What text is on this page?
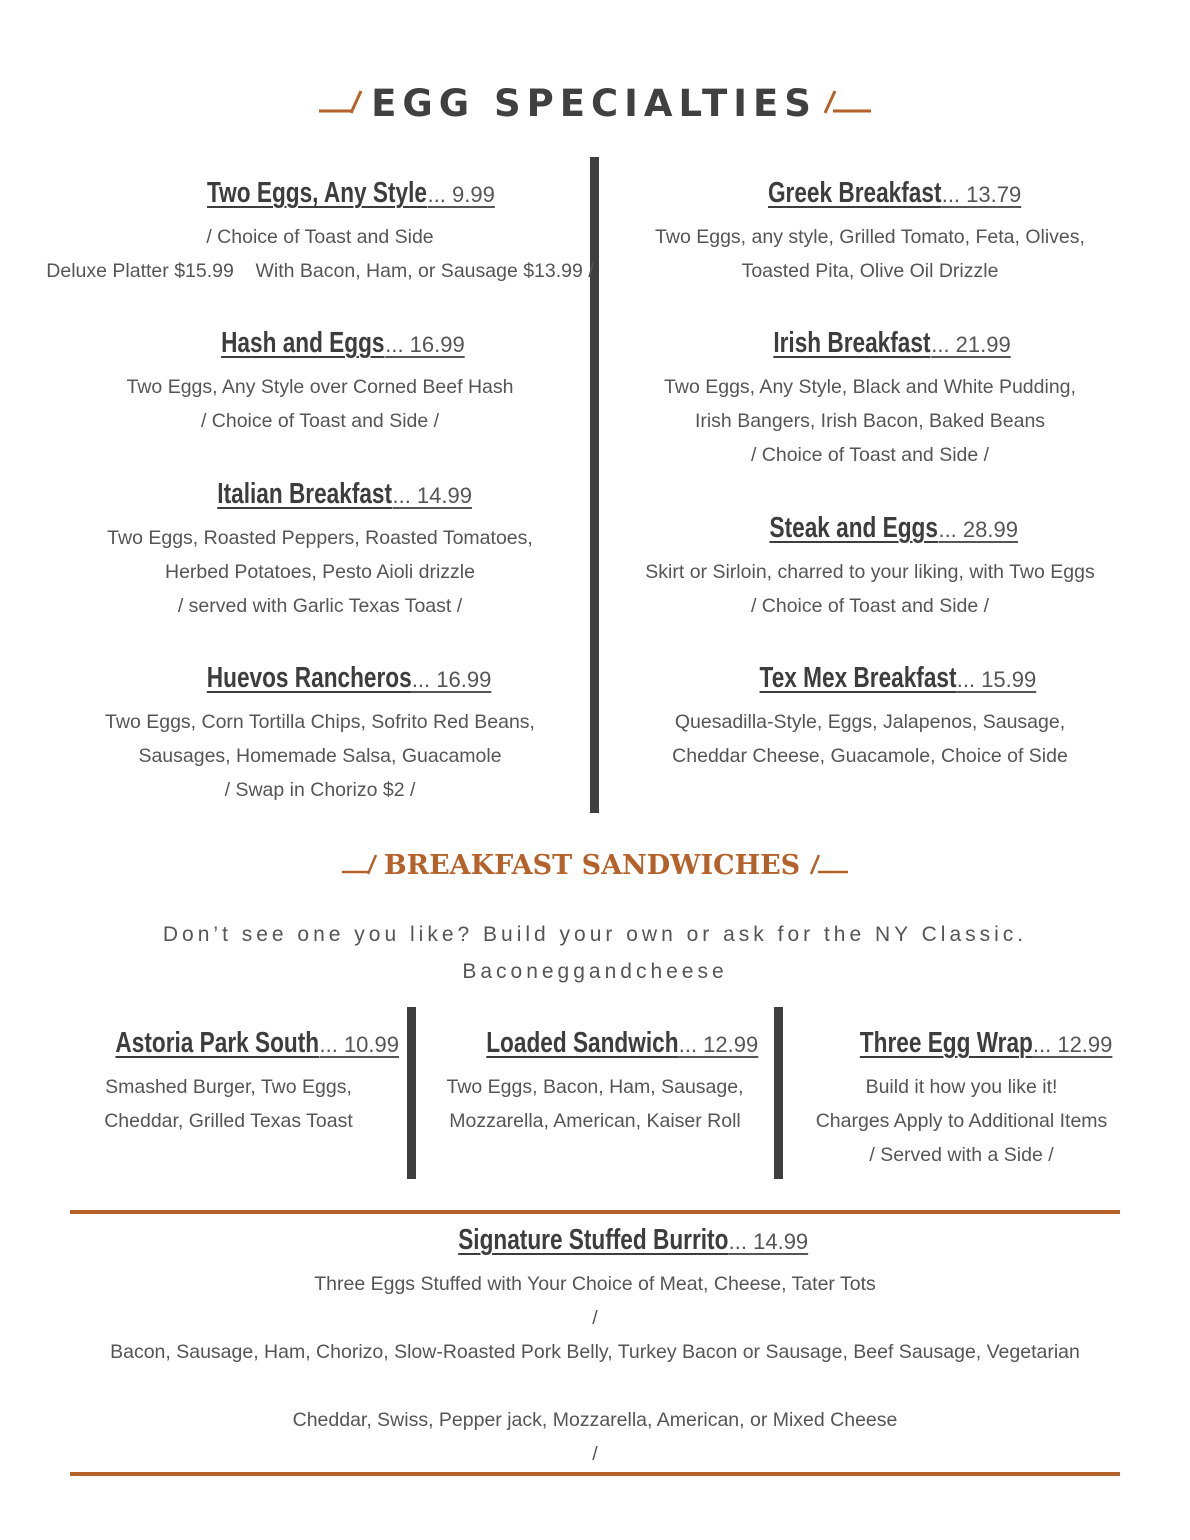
EGG SPECIALTIES
Two Eggs, Any Style ... 9.99
/ Choice of Toast and Side
Deluxe Platter $15.99    With Bacon, Ham, or Sausage $13.99 /
Hash and Eggs ... 16.99
Two Eggs, Any Style over Corned Beef Hash
/ Choice of Toast and Side /
Italian Breakfast ... 14.99
Two Eggs, Roasted Peppers, Roasted Tomatoes,
Herbed Potatoes, Pesto Aioli drizzle
/ served with Garlic Texas Toast /
Huevos Rancheros ... 16.99
Two Eggs, Corn Tortilla Chips, Sofrito Red Beans,
Sausages, Homemade Salsa, Guacamole
/ Swap in Chorizo $2 /
Greek Breakfast ... 13.79
Two Eggs, any style, Grilled Tomato, Feta, Olives,
Toasted Pita, Olive Oil Drizzle
Irish Breakfast ... 21.99
Two Eggs, Any Style, Black and White Pudding,
Irish Bangers, Irish Bacon, Baked Beans
/ Choice of Toast and Side /
Steak and Eggs ... 28.99
Skirt or Sirloin, charred to your liking, with Two Eggs
/ Choice of Toast and Side /
Tex Mex Breakfast ... 15.99
Quesadilla-Style, Eggs, Jalapenos, Sausage,
Cheddar Cheese, Guacamole, Choice of Side
BREAKFAST SANDWICHES
Don’t see one you like? Build your own or ask for the NY Classic.
Baconeggandcheese
Astoria Park South ... 10.99
Smashed Burger, Two Eggs,
Cheddar, Grilled Texas Toast
Loaded Sandwich ... 12.99
Two Eggs, Bacon, Ham, Sausage,
Mozzarella, American, Kaiser Roll
Three Egg Wrap ... 12.99
Build it how you like it!
Charges Apply to Additional Items
/ Served with a Side /
Signature Stuffed Burrito ... 14.99
Three Eggs Stuffed with Your Choice of Meat, Cheese, Tater Tots
/
Bacon, Sausage, Ham, Chorizo, Slow-Roasted Pork Belly, Turkey Bacon or Sausage, Beef Sausage, Vegetarian
Cheddar, Swiss, Pepper jack, Mozzarella, American, or Mixed Cheese
/
